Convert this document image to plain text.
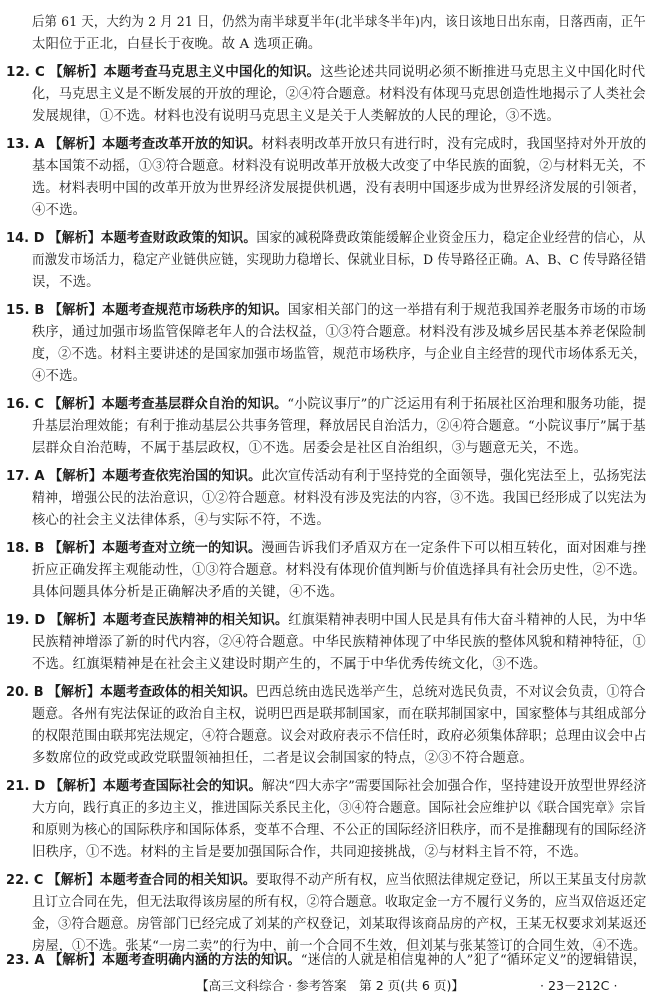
后第 61 天，大约为 2 月 21 日，仍然为南半球夏半年(北半球冬半年)内，该日该地日出东南，日落西南，正午
太阳位于正北，白昼长于夜晚。故 A 选项正确。
12. C 【解析】本题考查马克思主义中国化的知识。这些论述共同说明必须不断推进马克思主义中国化时代
化，马克思主义是不断发展的开放的理论，②④符合题意。材料没有体现马克思创造性地揭示了人类社会
发展规律，①不选。材料也没有说明马克思主义是关于人类解放的人民的理论，③不选。
13. A 【解析】本题考查改革开放的知识。材料表明改革开放只有进行时，没有完成时，我国坚持对外开放的
基本国策不动摇，①③符合题意。材料没有说明改革开放极大改变了中华民族的面貌，②与材料无关，不
选。材料表明中国的改革开放为世界经济发展提供机遇，没有表明中国逐步成为世界经济发展的引领者，
④不选。
14. D 【解析】本题考查财政政策的知识。国家的减税降费政策能缓解企业资金压力，稳定企业经营的信心，从
而激发市场活力，稳定产业链供应链，实现助力稳增长、保就业目标，D 传导路径正确。A、B、C 传导路径错
误，不选。
15. B 【解析】本题考查规范市场秩序的知识。国家相关部门的这一举措有利于规范我国养老服务市场的市场
秩序，通过加强市场监管保障老年人的合法权益，①③符合题意。材料没有涉及城乡居民基本养老保险制
度，②不选。材料主要讲述的是国家加强市场监管，规范市场秩序，与企业自主经营的现代市场体系无关，
④不选。
16. C 【解析】本题考查基层群众自治的知识。“小院议事厅”的广泛运用有利于拓展社区治理和服务功能，提
升基层治理效能；有利于推动基层公共事务管理，释放居民自治活力，②④符合题意。“小院议事厅”属于基
层群众自治范畴，不属于基层政权，①不选。居委会是社区自治组织，③与题意无关，不选。
17. A 【解析】本题考查依宪治国的知识。此次宣传活动有利于坚持党的全面领导，强化宪法至上，弘扬宪法
精神，增强公民的法治意识，①②符合题意。材料没有涉及宪法的内容，③不选。我国已经形成了以宪法为
核心的社会主义法律体系，④与实际不符，不选。
18. B 【解析】本题考查对立统一的知识。漫画告诉我们矛盾双方在一定条件下可以相互转化，面对困难与挫
折应正确发挥主观能动性，①③符合题意。材料没有体现价值判断与价值选择具有社会历史性，②不选。
具体问题具体分析是正确解决矛盾的关键，④不选。
19. D 【解析】本题考查民族精神的相关知识。红旗渠精神表明中国人民是具有伟大奋斗精神的人民，为中华
民族精神增添了新的时代内容，②④符合题意。中华民族精神体现了中华民族的整体风貌和精神特征，①
不选。红旗渠精神是在社会主义建设时期产生的，不属于中华优秀传统文化，③不选。
20. B 【解析】本题考查政体的相关知识。巴西总统由选民选举产生，总统对选民负责，不对议会负责，①符合
题意。各州有宪法保证的政治自主权，说明巴西是联邦制国家，而在联邦制国家中，国家整体与其组成部分
的权限范围由联邦宪法规定，④符合题意。议会对政府表示不信任时，政府必须集体辞职；总理由议会中占
多数席位的政党或政党联盟领袖担任，二者是议会制国家的特点，②③不符合题意。
21. D 【解析】本题考查国际社会的知识。解决“四大赤字”需要国际社会加强合作，坚持建设开放型世界经济
大方向，践行真正的多边主义，推进国际关系民主化，③④符合题意。国际社会应维护以《联合国宪章》宗旨
和原则为核心的国际秩序和国际体系，变革不合理、不公正的国际经济旧秩序，而不是推翻现有的国际经济
旧秩序，①不选。材料的主旨是要加强国际合作，共同迎接挑战，②与材料主旨不符，不选。
22. C 【解析】本题考查合同的相关知识。要取得不动产所有权，应当依照法律规定登记，所以王某虽支付房款
且订立合同在先，但无法取得该房屋的所有权，②符合题意。收取定金一方不履行义务的，应当双倍返还定
金，③符合题意。房管部门已经完成了刘某的产权登记，刘某取得该商品房的产权，王某无权要求刘某返还
房屋，①不选。张某“一房二卖”的行为中，前一个合同不生效，但刘某与张某签订的合同生效，④不选。
23. A 【解析】本题考查明确内涵的方法的知识。“迷信的人就是相信鬼神的人”犯了“循环定义”的逻辑错误，
【高三文科综合 · 参考答案　第 2 页(共 6 页)】	· 23－212C ·
